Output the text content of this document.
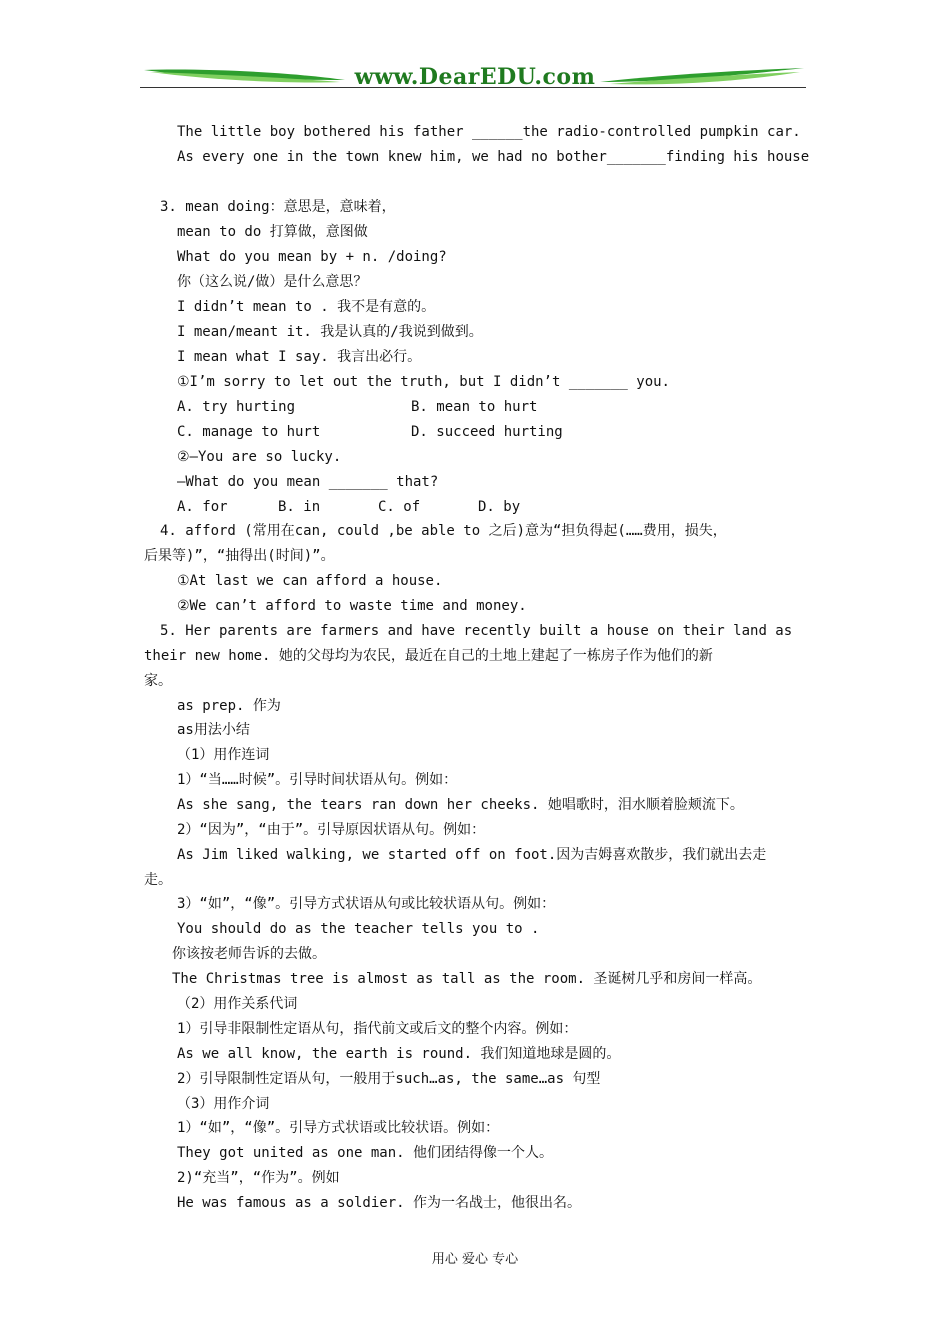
www.DearEDU.com
The little boy bothered his father ______the radio-controlled pumpkin car.
As every one in the town knew him, we had no bother_______finding his house
3. mean doing：意思是，意味着，
mean to do 打算做，意图做
What do you mean by + n. /doing?
你（这么说/做）是什么意思？
I didn’t mean to . 我不是有意的。
I mean/meant it. 我是认真的/我说到做到。
I mean what I say. 我言出必行。
①I’m sorry to let out the truth, but I didn’t _______ you.
A. try hurting	B. mean to hurt
C. manage to hurt	D. succeed hurting
②—You are so lucky.
—What do you mean _______ that?
A. for	B. in	C. of	D. by
4. afford (常用在can, could ,be able to 之后)意为“担负得起(……费用，损失，
后果等)”，“抽得出(时间)”。
①At last we can afford a house.
②We can’t afford to waste time and money.
5. Her parents are farmers and have recently built a house on their land as
their new home. 她的父母均为农民，最近在自己的土地上建起了一栋房子作为他们的新
家。
as prep. 作为
as用法小结
（1）用作连词
1）“当……时候”。引导时间状语从句。例如：
As she sang, the tears ran down her cheeks. 她唱歌时，泪水顺着脸颊流下。
2）“因为”，“由于”。引导原因状语从句。例如：
As Jim liked walking, we started off on foot.因为吉姆喜欢散步，我们就出去走
走。
3）“如”，“像”。引导方式状语从句或比较状语从句。例如：
You should do as the teacher tells you to .
你该按老师告诉的去做。
The Christmas tree is almost as tall as the room. 圣诞树几乎和房间一样高。
（2）用作关系代词
1）引导非限制性定语从句，指代前文或后文的整个内容。例如：
As we all know, the earth is round. 我们知道地球是圆的。
2）引导限制性定语从句，一般用于such…as, the same…as 句型
（3）用作介词
1）“如”，“像”。引导方式状语或比较状语。例如：
They got united as one man. 他们团结得像一个人。
2)“充当”，“作为”。例如
He was famous as a soldier. 作为一名战士，他很出名。
用心 爱心 专心
